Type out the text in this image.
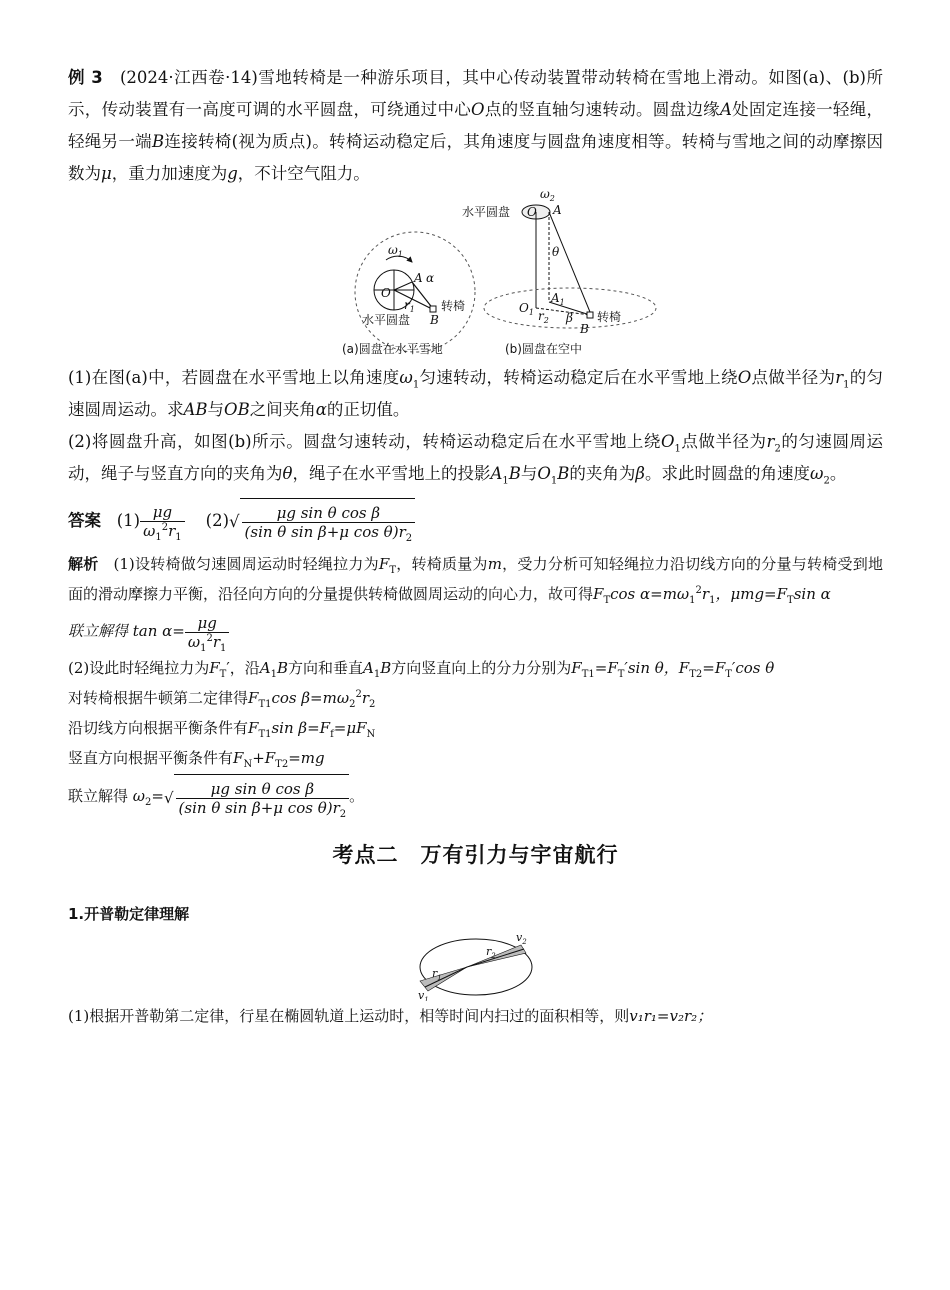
例 3 (2024·江西卷·14)雪地转椅是一种游乐项目，其中心传动装置带动转椅在雪地上滑动。如图(a)、(b)所示，传动装置有一高度可调的水平圆盘，可绕通过中心O点的竖直轴匀速转动。圆盘边缘A处固定连接一轻绳，轻绳另一端B连接转椅(视为质点)。转椅运动稳定后，其角速度与圆盘角速度相等。转椅与雪地之间的动摩擦因数为μ，重力加速度为g，不计空气阻力。

$\omega_1$
O
A α
$r_1$
B
转椅
水平圆盘
(a)圆盘在水平雪地
$\omega_2$
O A
θ
$O_1$
$A_1$
$r_2$ β
B
转椅
水平圆盘
(b)圆盘在空中

(1)在图(a)中，若圆盘在水平雪地上以角速度$\omega_1$匀速转动，转椅运动稳定后在水平雪地上绕O点做半径为$r_1$的匀速圆周运动。求AB与OB之间夹角α的正切值。

(2)将圆盘升高，如图(b)所示。圆盘匀速转动，转椅运动稳定后在水平雪地上绕$O_1$点做半径为$r_2$的匀速圆周运动，绳子与竖直方向的夹角为θ，绳子在水平雪地上的投影$A_1B$与$O_1B$的夹角为β。求此时圆盘的角速度$\omega_2$。

答案 $(1) \frac{\mu g}{\omega_1^2r_1} (2)√ \frac{\text{μg sin θ cos β}}{(\sin \theta \sin \beta+\mu \cos \theta)r_2}$

解析 (1)设转椅做匀速圆周运动时轻绳拉力为$F_T$，转椅质量为m，受力分析可知轻绳拉力沿切线方向的分量与转椅受到地面的滑动摩擦力平衡，沿径向方向的分量提供转椅做圆周运动的向心力，故可得$F_T\cos$ $\alpha=m\omega_1^2r_1$，$\mu mg=F_T\sin$ α

联立解得 $\tan \alpha= \frac{\mu g}{\omega_1^2r_1}$

(2)设此时轻绳拉力为$F_T'$，沿$A_1B$方向和垂直$A_1B$方向竖直向上的分力分别为$F_{T1}=F_T'\sin$ θ，$F_{T2}=F_T'\cos$ θ

对转椅根据牛顿第二定律得$F_{T1}\cos$ $\beta=m\omega_2^2r_2$

沿切线方向根据平衡条件有$F_{T1}\sin$ $\beta=F_f=\mu F_N$

竖直方向根据平衡条件有$F_N+F_{T2}=mg$

联立解得 $\omega_2=√ \frac{\text{μg sin θ cos β}}{(\sin \theta \sin \beta+\mu \cos \theta)r_2}$ 。

考点二　万有引力与宇宙航行

1.开普勒定律理解

$r_1$
$r_2$
$v_1$
$v_2$

(1)根据开普勒第二定律，行星在椭圆轨道上运动时，相等时间内扫过的面积相等，则v₁r₁=v₂r₂；
